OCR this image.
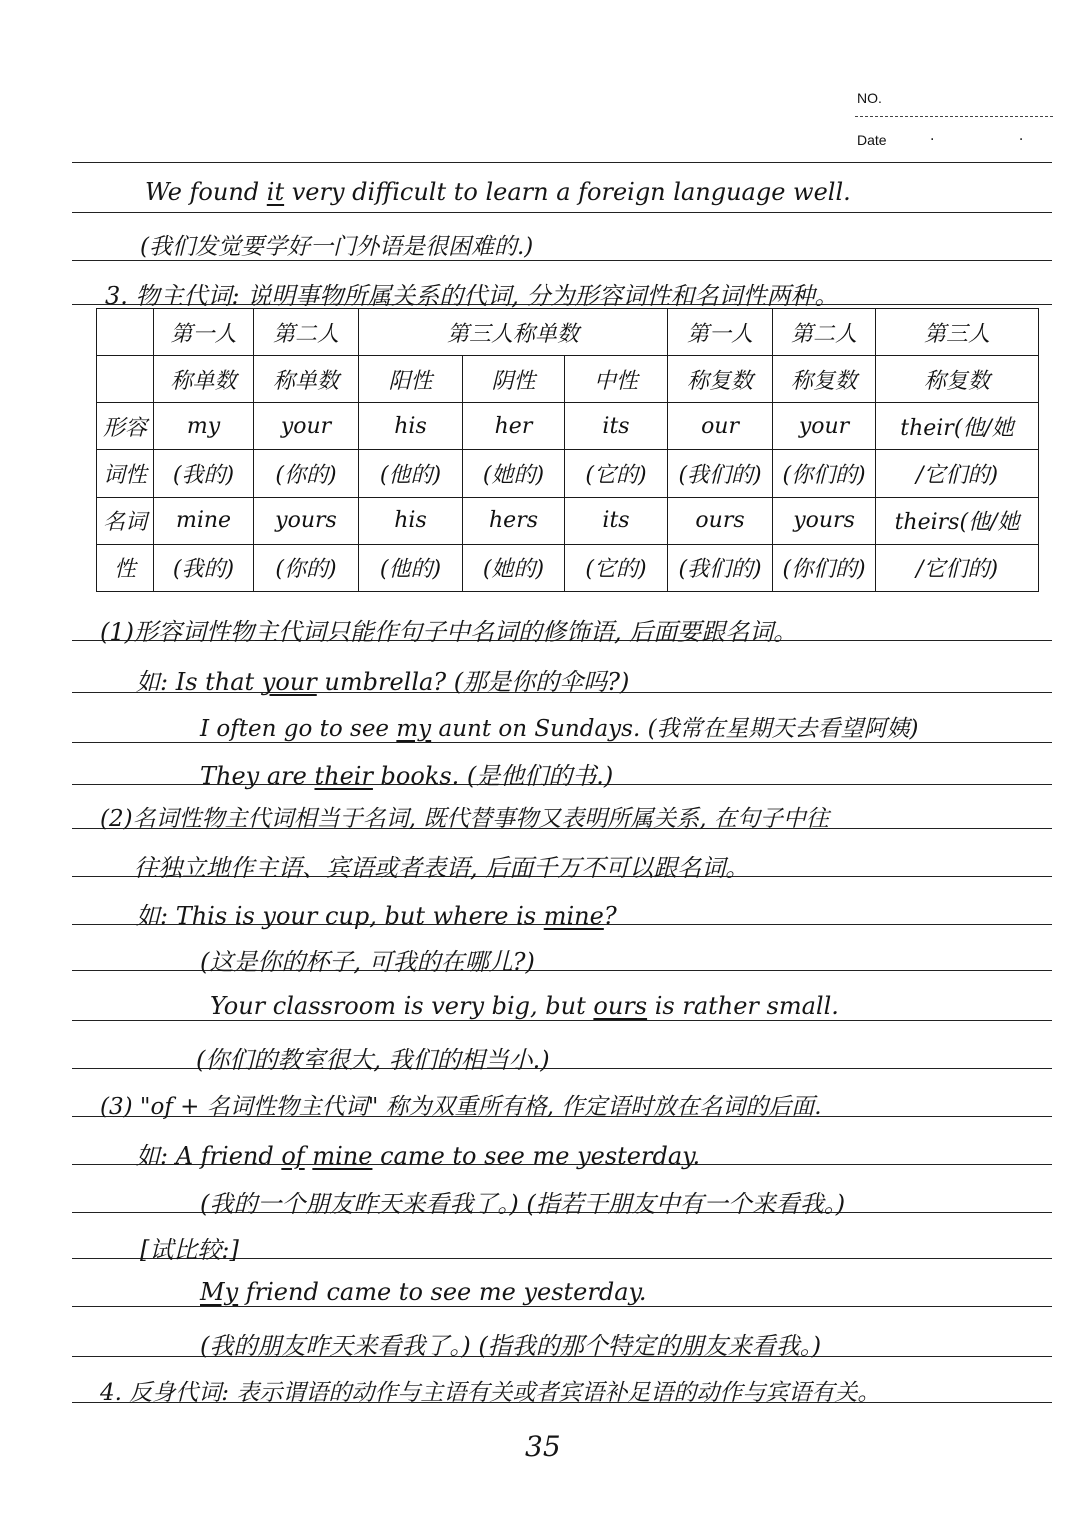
NO.
Date	· ·
We found it very difficult to learn a foreign language well.
(我们发觉要学好一门外语是很困难的.)
3. 物主代词: 说明事物所属关系的代词, 分为形容词性和名词性两种。
	第一人	第二人	第三人称单数			第一人	第二人	第三人
	称单数	称单数	阳性	阴性	中性	称复数	称复数	称复数
形容	my	your	his	her	its	our	your	their(他/她
词性	(我的)	(你的)	(他的)	(她的)	(它的)	(我们的)	(你们的)	/它们的)
名词	mine	yours	his	hers	its	ours	yours	theirs(他/她
性	(我的)	(你的)	(他的)	(她的)	(它的)	(我们的)	(你们的)	/它们的)
(1)形容词性物主代词只能作句子中名词的修饰语, 后面要跟名词。
如: Is that your umbrella? (那是你的伞吗?)
I often go to see my aunt on Sundays. (我常在星期天去看望阿姨)
They are their books. (是他们的书.)
(2)名词性物主代词相当于名词, 既代替事物又表明所属关系, 在句子中往
往独立地作主语、宾语或者表语, 后面千万不可以跟名词。
如: This is your cup, but where is mine?
(这是你的杯子, 可我的在哪儿?)
Your classroom is very big, but ours is rather small.
(你们的教室很大, 我们的相当小.)
(3) "of + 名词性物主代词" 称为双重所有格, 作定语时放在名词的后面.
如: A friend of mine came to see me yesterday.
(我的一个朋友昨天来看我了。) (指若干朋友中有一个来看我。)
[试比较:]
My friend came to see me yesterday.
(我的朋友昨天来看我了。) (指我的那个特定的朋友来看我。)
4. 反身代词: 表示谓语的动作与主语有关或者宾语补足语的动作与宾语有关。
35
